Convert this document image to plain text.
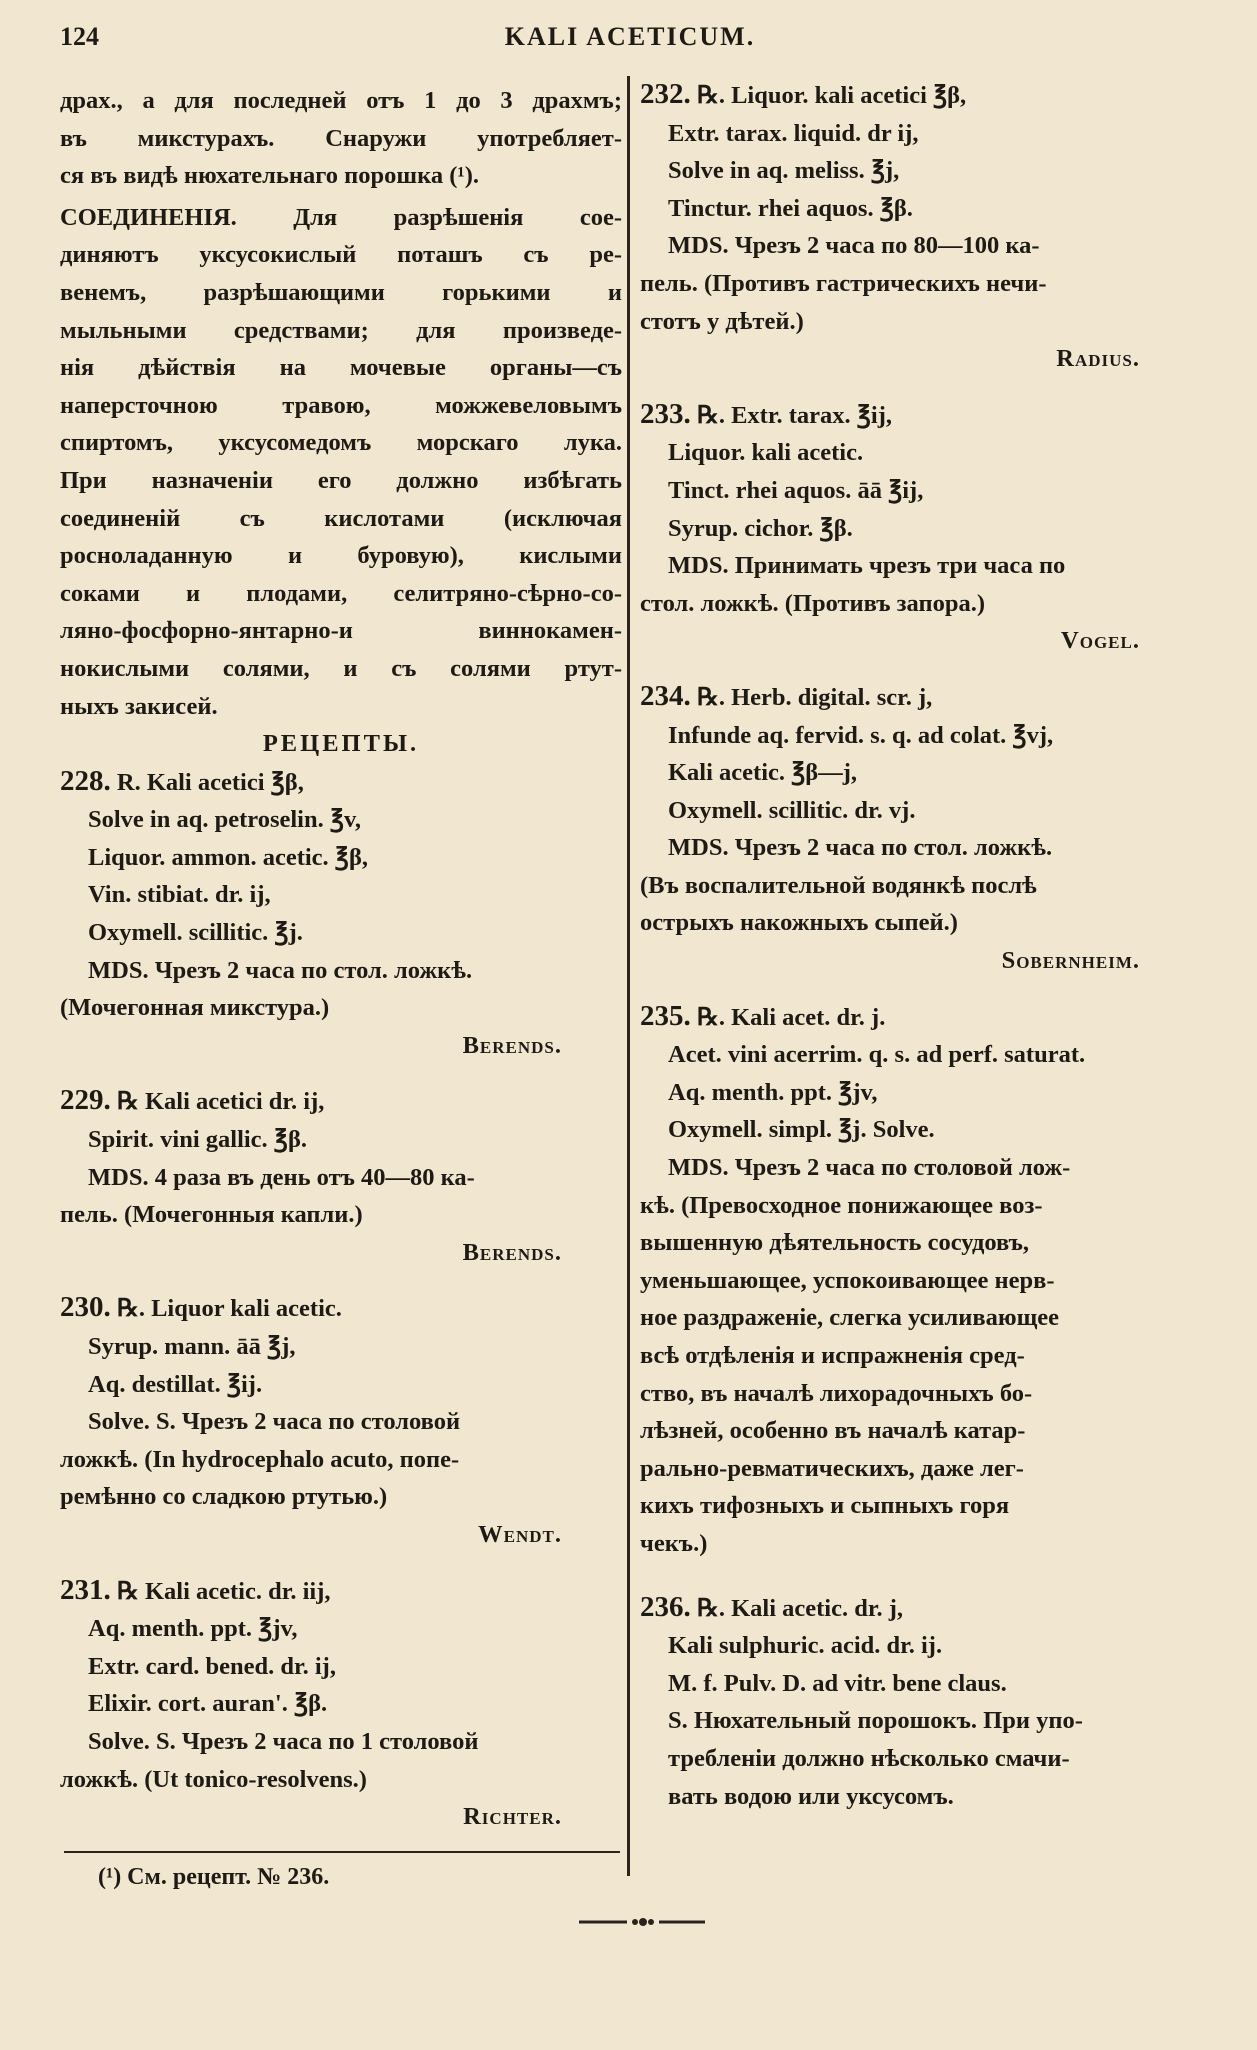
124	KALI ACETICUM.

драх., а для последней отъ 1 до 3 драхмъ;

въ микстурахъ. Снаружи употребляет-

ся въ видѣ нюхательнаго порошка (¹).

СОЕДИНЕНІЯ. Для разрѣшенія сое-

диняютъ уксусокислый поташъ съ ре-

венемъ, разрѣшающими горькими и

мыльными средствами; для произведе-

нія дѣйствія на мочевые органы—съ

наперсточною травою, можжевеловымъ

спиртомъ, уксусомедомъ морскаго лука.

При назначеніи его должно избѣгать

соединеній съ кислотами (исключая

росноладанную и буровую), кислыми

соками и плодами, селитряно-сѣрно-со-

ляно-фосфорно-янтарно-и виннокамен-

нокислыми солями, и съ солями ртут-

ныхъ закисей.

РЕЦЕПТЫ.

228. R. Kali acetici ℥β,

Solve in aq. petroselin. ℥v,

Liquor. ammon. acetic. ℥β,

Vin. stibiat. dr. ij,

Oxymell. scillitic. ℥j.

MDS. Чрезъ 2 часа по стол. ложкѣ.

(Мочегонная микстура.)

Berends.

229. ℞ Kali acetici dr. ij,

Spirit. vini gallic. ℥β.

MDS. 4 раза въ день отъ 40—80 ка-

пель. (Мочегонныя капли.)

Berends.

230. ℞. Liquor kali acetic.

Syrup. mann. āā ℥j,

Aq. destillat. ℥ij.

Solve. S. Чрезъ 2 часа по столовой

ложкѣ. (In hydrocephalo acuto, попе-

ремѣнно со сладкою ртутью.)

Wendt.

231. ℞ Kali acetic. dr. iij,

Aq. menth. ppt. ℥jv,

Extr. card. bened. dr. ij,

Elixir. cort. auran'. ℥β.

Solve. S. Чрезъ 2 часа по 1 столовой

ложкѣ. (Ut tonico-resolvens.)

Richter.

232. ℞. Liquor. kali acetici ℥β,

Extr. tarax. liquid. dr ij,

Solve in aq. meliss. ℥j,

Tinctur. rhei aquos. ℥β.

MDS. Чрезъ 2 часа по 80—100 ка-

пель. (Противъ гастрическихъ нечи-

стотъ у дѣтей.)

Radius.

233. ℞. Extr. tarax. ℥ij,

Liquor. kali acetic.

Tinct. rhei aquos. āā ℥ij,

Syrup. cichor. ℥β.

MDS. Принимать чрезъ три часа по

стол. ложкѣ. (Противъ запора.)

Vogel.

234. ℞. Herb. digital. scr. j,

Infunde aq. fervid. s. q. ad colat. ℥vj,

Kali acetic. ℥β—j,

Oxymell. scillitic. dr. vj.

MDS. Чрезъ 2 часа по стол. ложкѣ.

(Въ воспалительной водянкѣ послѣ

острыхъ накожныхъ сыпей.)

Sobernheim.

235. ℞. Kali acet. dr. j.

Acet. vini acerrim. q. s. ad perf. saturat.

Aq. menth. ppt. ℥jv,

Oxymell. simpl. ℥j. Solve.

MDS. Чрезъ 2 часа по столовой лож-

кѣ. (Превосходное понижающее воз-

вышенную дѣятельность сосудовъ,

уменьшающее, успокоивающее нерв-

ное раздраженіе, слегка усиливающее

всѣ отдѣленія и испражненія сред-

ство, въ началѣ лихорадочныхъ бо-

лѣзней, особенно въ началѣ катар-

рально-ревматическихъ, даже лег-

кихъ тифозныхъ и сыпныхъ горя

чекъ.)

236. ℞. Kali acetic. dr. j,

Kali sulphuric. acid. dr. ij.

M. f. Pulv. D. ad vitr. bene claus.

S. Нюхательный порошокъ. При упо-

требленіи должно нѣсколько смачи-

вать водою или уксусомъ.

(¹) См. рецепт. № 236.
